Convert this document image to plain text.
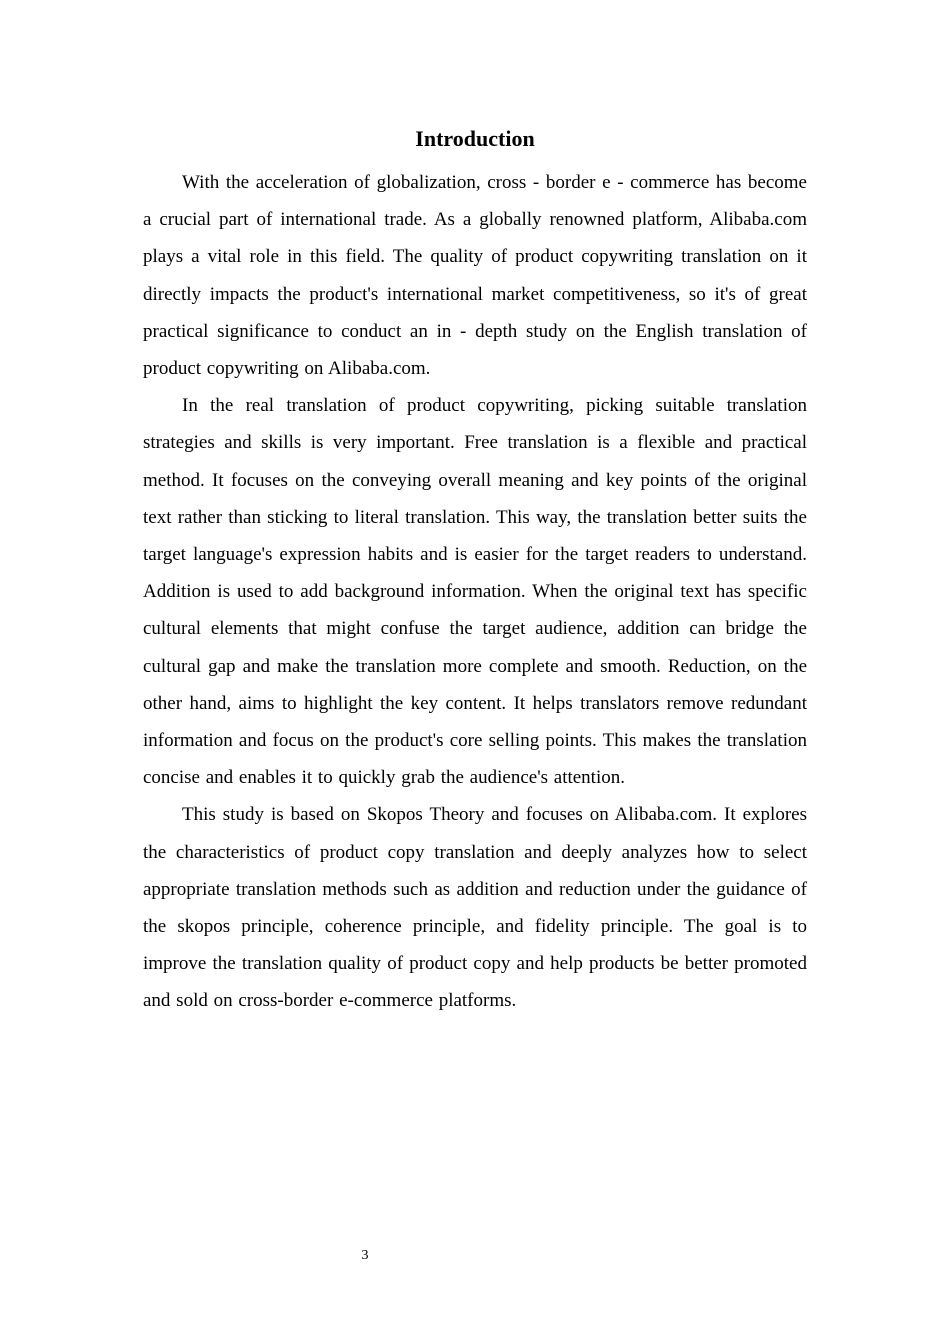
Introduction

With the acceleration of globalization, cross - border e - commerce has become a crucial part of international trade. As a globally renowned platform, Alibaba.com plays a vital role in this field. The quality of product copywriting translation on it directly impacts the product's international market competitiveness, so it's of great practical significance to conduct an in - depth study on the English translation of product copywriting on Alibaba.com.

In the real translation of product copywriting, picking suitable translation strategies and skills is very important. Free translation is a flexible and practical method. It focuses on the conveying overall meaning and key points of the original text rather than sticking to literal translation. This way, the translation better suits the target language's expression habits and is easier for the target readers to understand. Addition is used to add background information. When the original text has specific cultural elements that might confuse the target audience, addition can bridge the cultural gap and make the translation more complete and smooth. Reduction, on the other hand, aims to highlight the key content. It helps translators remove redundant information and focus on the product's core selling points. This makes the translation concise and enables it to quickly grab the audience's attention.

This study is based on Skopos Theory and focuses on Alibaba.com. It explores the characteristics of product copy translation and deeply analyzes how to select appropriate translation methods such as addition and reduction under the guidance of the skopos principle, coherence principle, and fidelity principle. The goal is to improve the translation quality of product copy and help products be better promoted and sold on cross-border e-commerce platforms.

3
